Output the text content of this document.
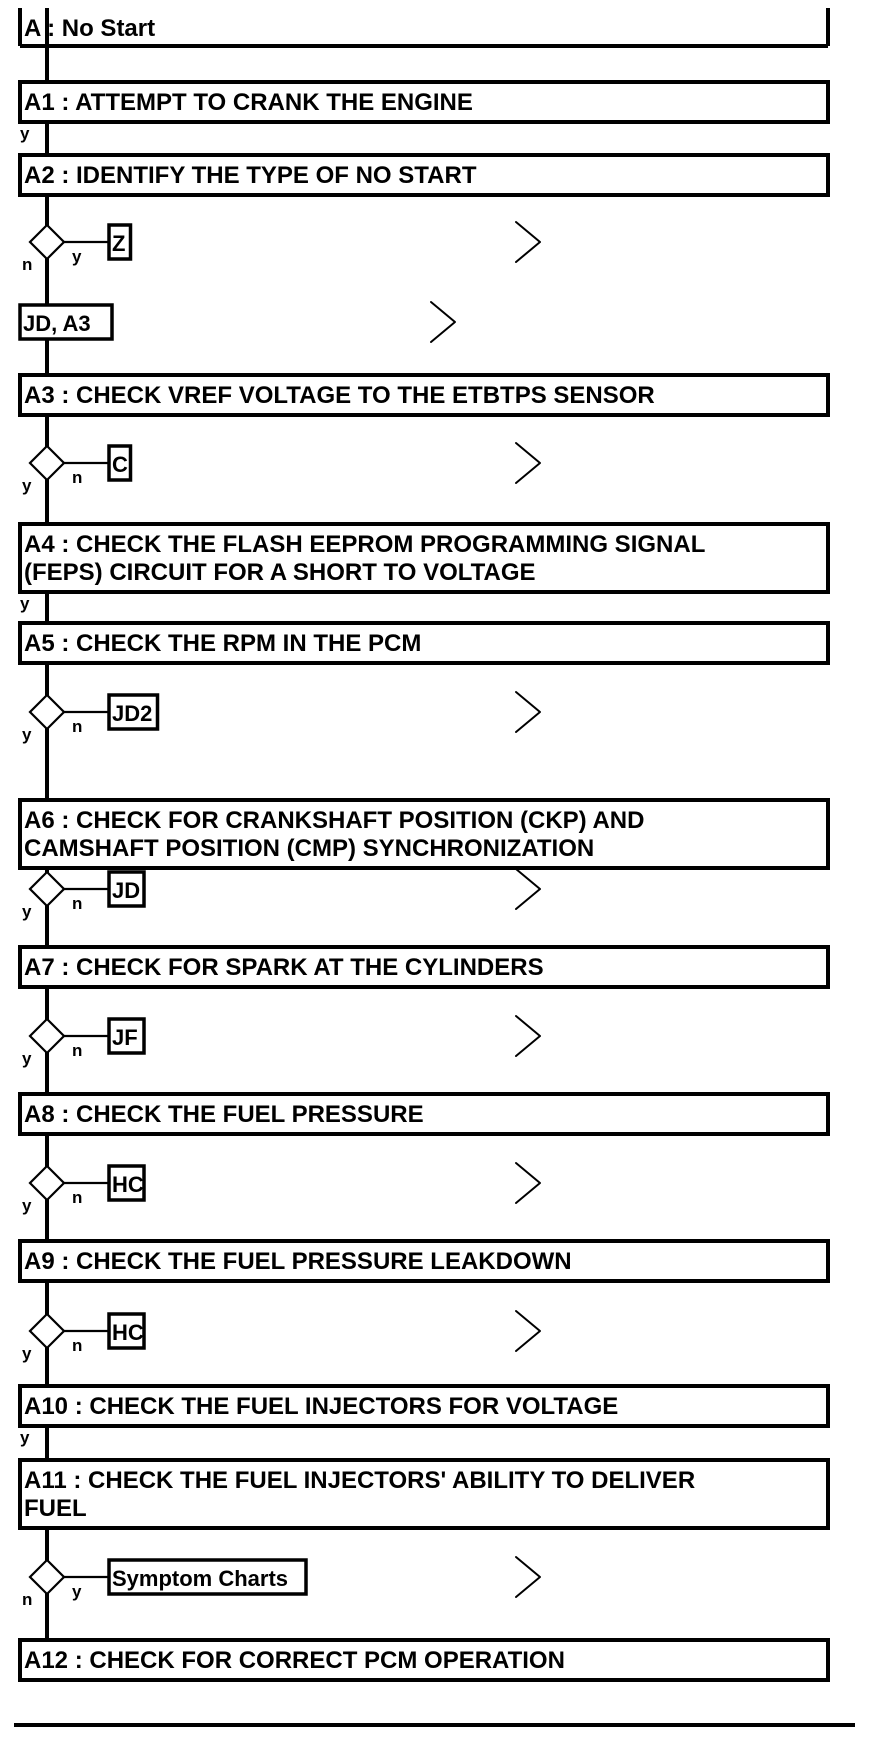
A : No Start
A1 : ATTEMPT TO CRANK THE ENGINE
y
A2 : IDENTIFY THE TYPE OF NO START
y
n
Z
JD, A3
A3 : CHECK VREF VOLTAGE TO THE ETBTPS SENSOR
n
y
C
A4 : CHECK THE FLASH EEPROM PROGRAMMING SIGNAL
(FEPS) CIRCUIT FOR A SHORT TO VOLTAGE
y
A5 : CHECK THE RPM IN THE PCM
n
y
JD2
A6 : CHECK FOR CRANKSHAFT POSITION (CKP) AND
CAMSHAFT POSITION (CMP) SYNCHRONIZATION
n
y
JD
A7 : CHECK FOR SPARK AT THE CYLINDERS
n
y
JF
A8 : CHECK THE FUEL PRESSURE
n
y
HC
A9 : CHECK THE FUEL PRESSURE LEAKDOWN
n
y
HC
A10 : CHECK THE FUEL INJECTORS FOR VOLTAGE
y
A11 : CHECK THE FUEL INJECTORS' ABILITY TO DELIVER
FUEL
y
n
Symptom Charts
A12 : CHECK FOR CORRECT PCM OPERATION
